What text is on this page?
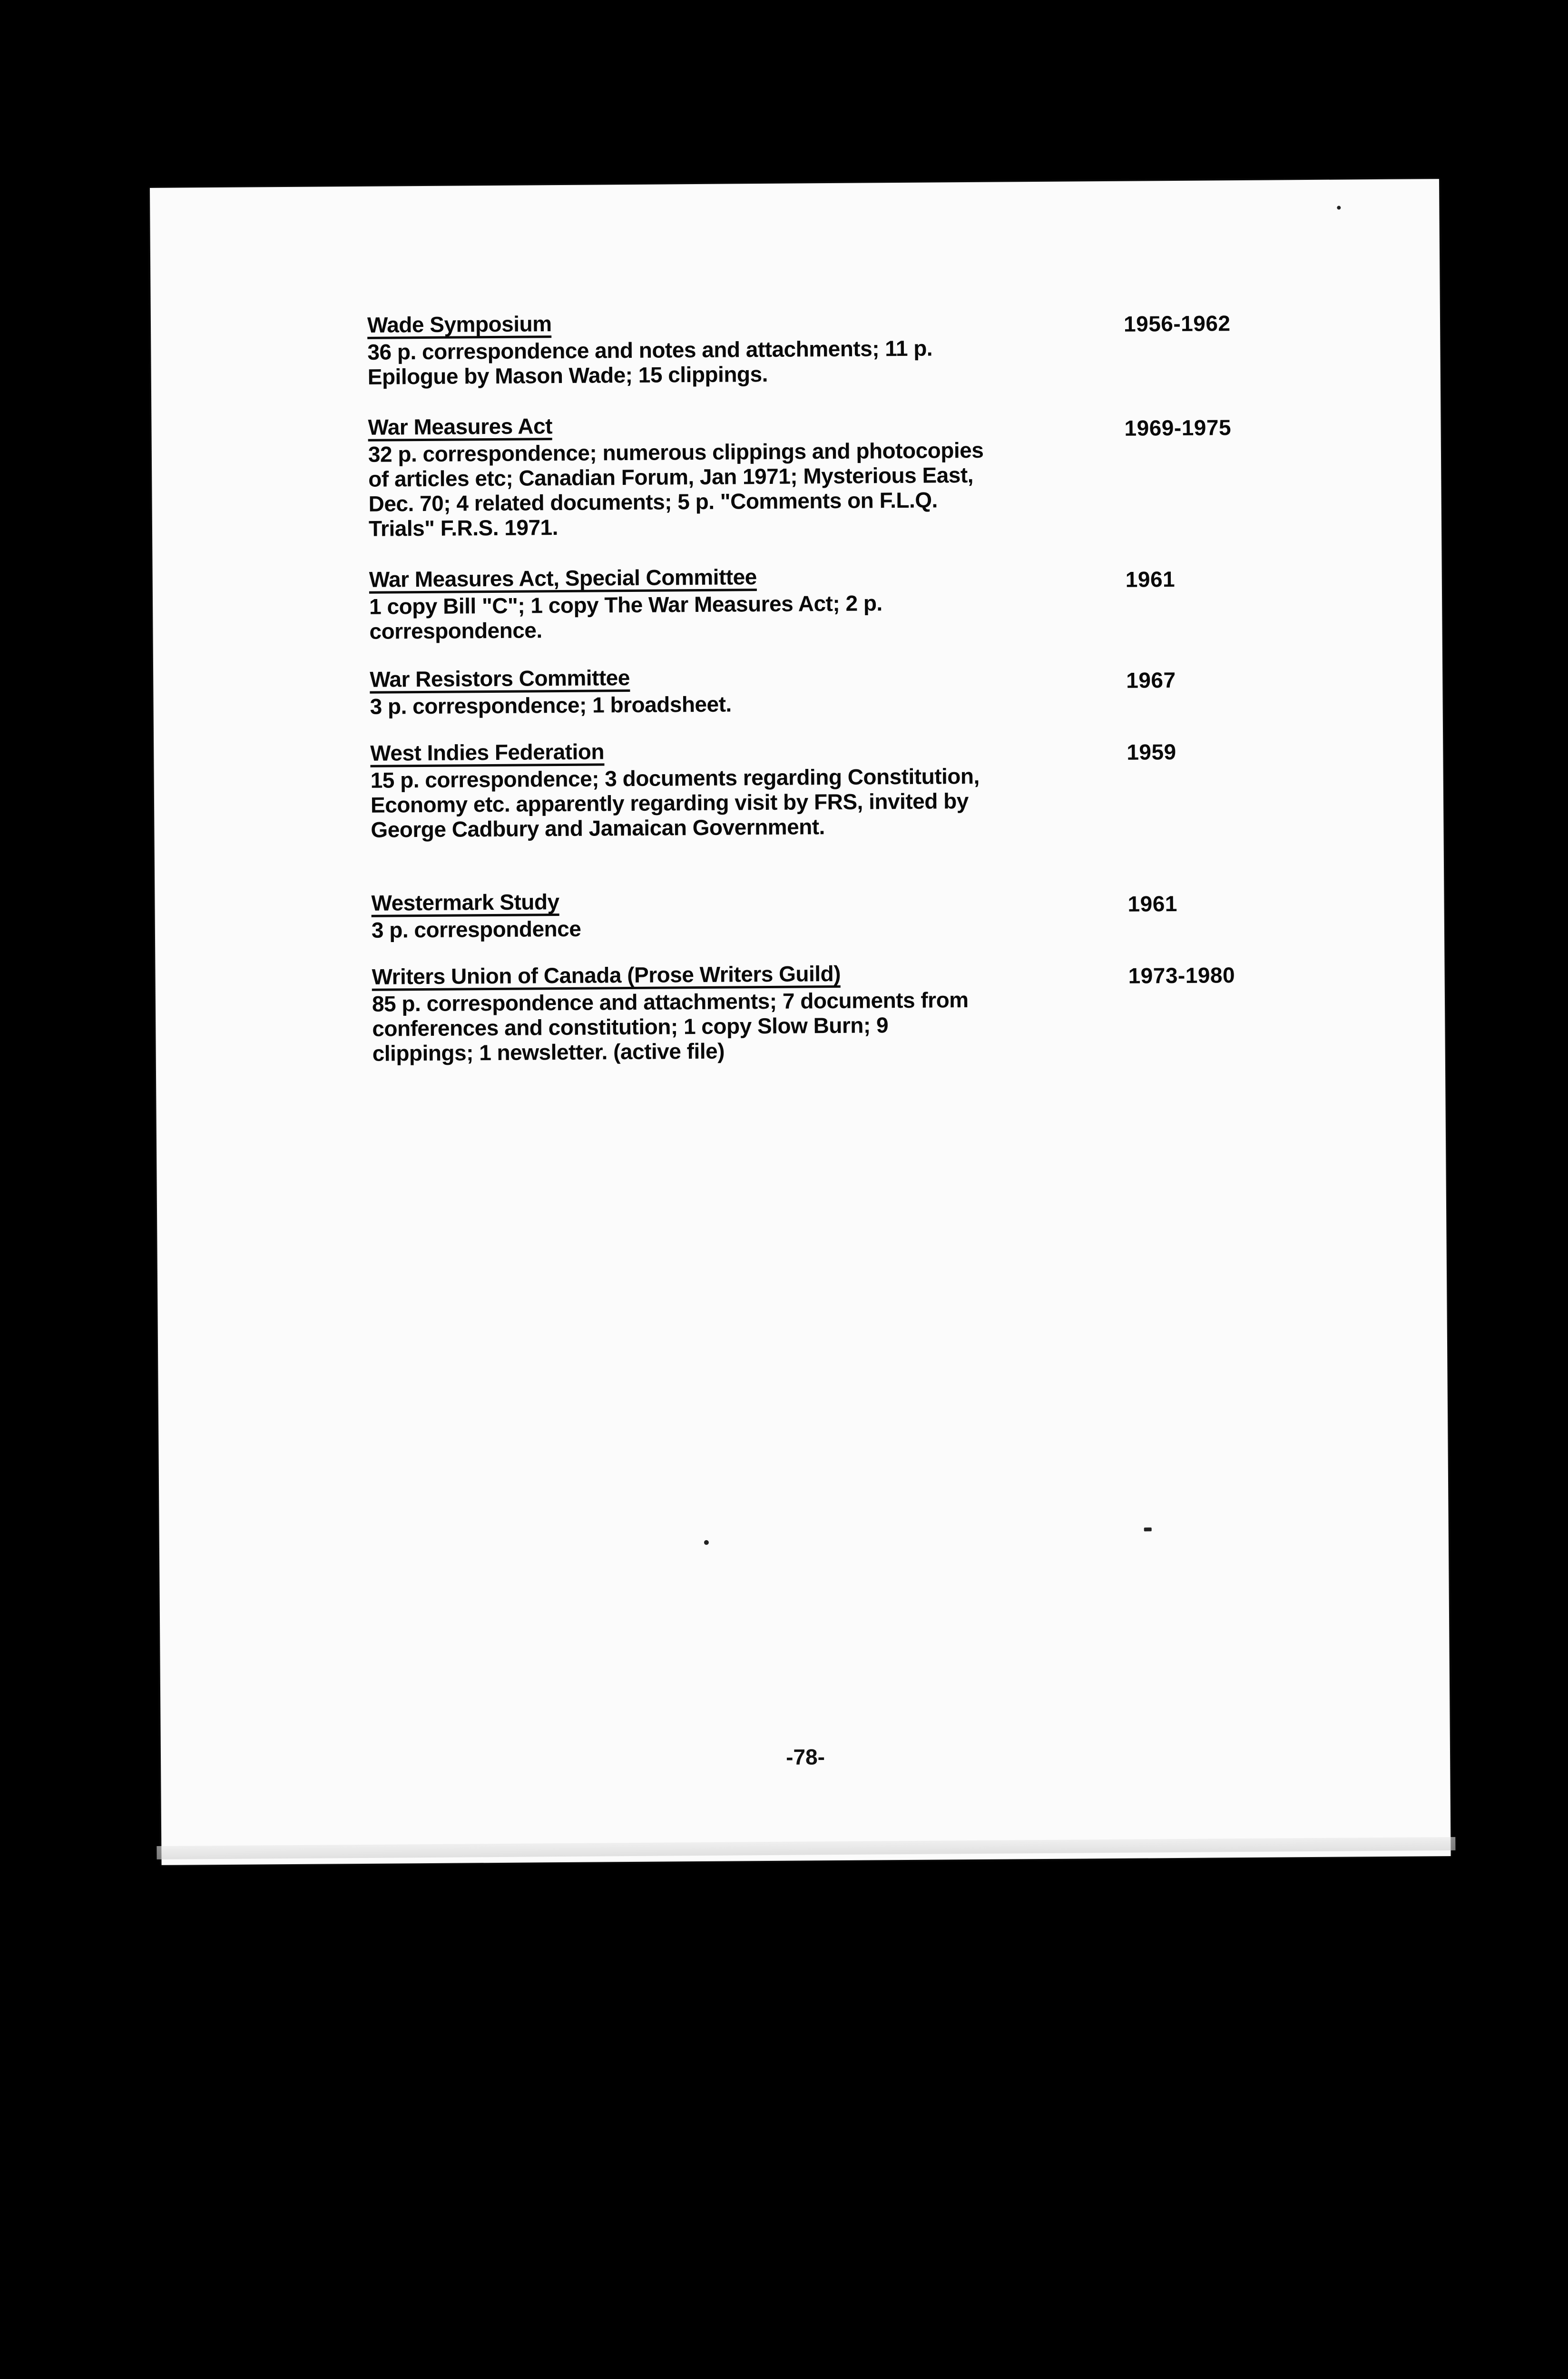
Wade Symposium
36 p. correspondence and notes and attachments; 11 p. Epilogue by Mason Wade; 15 clippings.
1956-1962
War Measures Act
32 p. correspondence; numerous clippings and photocopies of articles etc; Canadian Forum, Jan 1971; Mysterious East, Dec. 70; 4 related documents; 5 p. "Comments on F.L.Q. Trials" F.R.S. 1971.
1969-1975
War Measures Act, Special Committee
1 copy Bill "C"; 1 copy The War Measures Act; 2 p. correspondence.
1961
War Resistors Committee
3 p. correspondence; 1 broadsheet.
1967
West Indies Federation
15 p. correspondence; 3 documents regarding Constitution, Economy etc. apparently regarding visit by FRS, invited by George Cadbury and Jamaican Government.
1959
Westermark Study
3 p. correspondence
1961
Writers Union of Canada (Prose Writers Guild)
85 p. correspondence and attachments; 7 documents from conferences and constitution; 1 copy Slow Burn; 9 clippings; 1 newsletter. (active file)
1973-1980
-78-
